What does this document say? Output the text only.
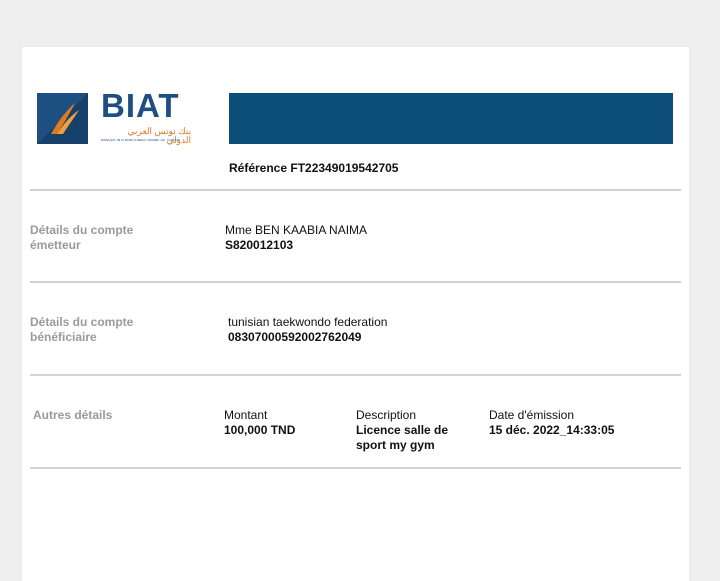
BIAT
بنك تونس العربي الدولي
BANQUE INTERNATIONALE ARABE DE TUNISIE
Référence FT22349019542705
Détails du compte
émetteur
Mme BEN KAABIA NAIMA
S820012103
Détails du compte
bénéficiaire
tunisian taekwondo federation
08307000592002762049
Autres détails	Montant
100,000 TND
Description
Licence salle de
sport my gym
Date d'émission
15 déc. 2022_14:33:05
